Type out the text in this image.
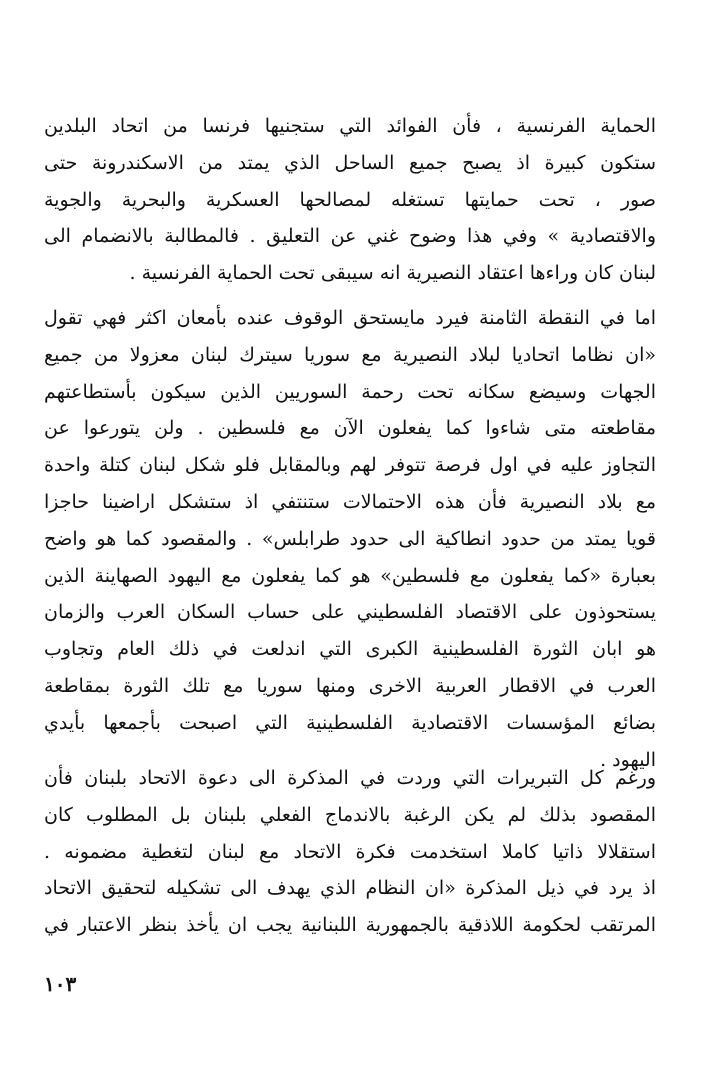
الحماية الفرنسية ، فأن الفوائد التي ستجنيها فرنسا من اتحاد البلدين
ستكون كبيرة اذ يصبح جميع الساحل الذي يمتد من الاسكندرونة حتى
صور ، تحت حمايتها تستغله لمصالحها العسكرية والبحرية والجوية
والاقتصادية » وفي هذا وضوح غني عن التعليق . فالمطالبة بالانضمام الى
لبنان كان وراءها اعتقاد النصيرية انه سيبقى تحت الحماية الفرنسية .
اما في النقطة الثامنة فيرد مايستحق الوقوف عنده بأمعان اكثر فهي تقول
«ان نظاما اتحاديا لبلاد النصيرية مع سوريا سيترك لبنان معزولا من جميع
الجهات وسيضع سكانه تحت رحمة السوريين الذين سيكون بأستطاعتهم
مقاطعته متى شاءوا كما يفعلون الآن مع فلسطين . ولن يتورعوا عن
التجاوز عليه في اول فرصة تتوفر لهم وبالمقابل فلو شكل لبنان كتلة واحدة
مع بلاد النصيرية فأن هذه الاحتمالات ستنتفي اذ ستشكل اراضينا حاجزا
قويا يمتد من حدود انطاكية الى حدود طرابلس» . والمقصود كما هو واضح
بعبارة «كما يفعلون مع فلسطين» هو كما يفعلون مع اليهود الصهاينة الذين
يستحوذون على الاقتصاد الفلسطيني على حساب السكان العرب والزمان
هو ابان الثورة الفلسطينية الكبرى التي اندلعت في ذلك العام وتجاوب
العرب في الاقطار العربية الاخرى ومنها سوريا مع تلك الثورة بمقاطعة
بضائع المؤسسات الاقتصادية الفلسطينية التي اصبحت بأجمعها بأيدي
اليهود .
ورغم كل التبريرات التي وردت في المذكرة الى دعوة الاتحاد بلبنان فأن
المقصود بذلك لم يكن الرغبة بالاندماج الفعلي بلبنان بل المطلوب كان
استقلالا ذاتيا كاملا استخدمت فكرة الاتحاد مع لبنان لتغطية مضمونه .
اذ يرد في ذيل المذكرة «ان النظام الذي يهدف الى تشكيله لتحقيق الاتحاد
المرتقب لحكومة اللاذقية بالجمهورية اللبنانية يجب ان يأخذ بنظر الاعتبار في
١٠٣
